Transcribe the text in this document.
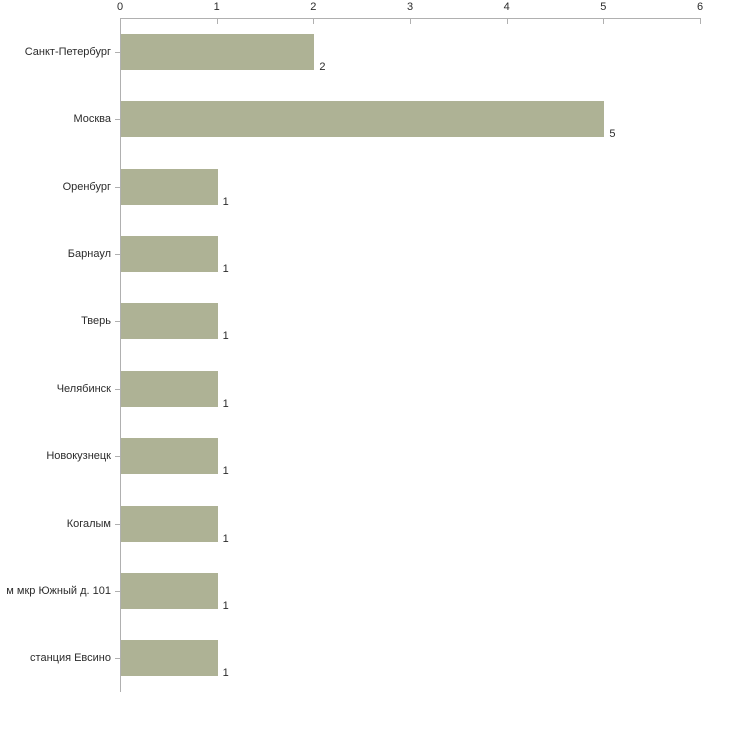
0	1	2	3	4	5	6
Санкт-Петербург
2
Москва
5
Оренбург
1
Барнаул
1
Тверь
1
Челябинск
1
Новокузнецк
1
Когалым
1
м мкр Южный д. 101
1
станция Евсино
1
